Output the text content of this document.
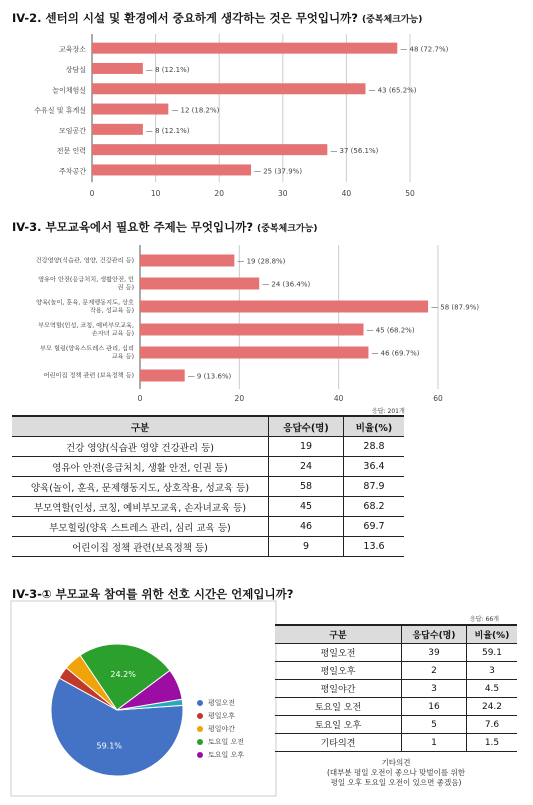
IV-2. 센터의 시설 및 환경에서 중요하게 생각하는 것은 무엇입니까? (중복체크가능)
— 48 (72.7%)
— 8 (12.1%)
— 43 (65.2%)
— 12 (18.2%)
— 8 (12.1%)
— 37 (56.1%)
— 25 (37.9%)
교육장소
상담실
놀이체험실
수유실 및 휴게실
모임공간
전문 인력
주차공간
0	10	20	30	40	50
IV-3. 부모교육에서 필요한 주제는 무엇입니까? (중복체크가능)
— 19 (28.8%)
— 24 (36.4%)
— 58 (87.9%)
— 45 (68.2%)
— 46 (69.7%)
— 9 (13.6%)
건강영양(식습관, 영양, 건강관리 등)
영유아 안전(응급처치, 생활안전, 인 권 등)
양육(놀이, 훈육, 문제행동지도, 상호 작용, 성교육 등)
부모역할(인성, 코칭, 예비부모교육, 손자녀 교육 등)
부모 힐링(양육스트레스 관리, 심리 교육 등)
어린이집 정책 관련 (보육정책 등)
0	20	40	60
응답: 201개
구분	응답수(명)	비율(%)
건강 영양(식습관 영양 건강관리 등)	19	28.8
영유아 안전(응급처치, 생활 안전, 인권 등)	24	36.4
양육(놀이, 훈육, 문제행동지도, 상호작용, 성교육 등)	58	87.9
부모역할(인성, 코칭, 예비부모교육, 손자녀교육 등)	45	68.2
부모힐링(양육 스트레스 관리, 심리 교육 등)	46	69.7
어린이집 정책 관련(보육정책 등)	9	13.6
IV-3-① 부모교육 참여를 위한 선호 시간은 언제입니까?
59.1%
24.2%
평일오전
평일오후
평일야간
토요일 오전
토요일 오후
응답: 66개
구분	응답수(명)	비율(%)
평일오전	39	59.1
평일오후	2	3
평일야간	3	4.5
토요일 오전	16	24.2
토요일 오후	5	7.6
기타의견	1	1.5
기타의견
(대부분 평일 오전이 좋으나 맞벌이를 위한
평일 오후 토요일 오전이 있으면 좋겠음)
